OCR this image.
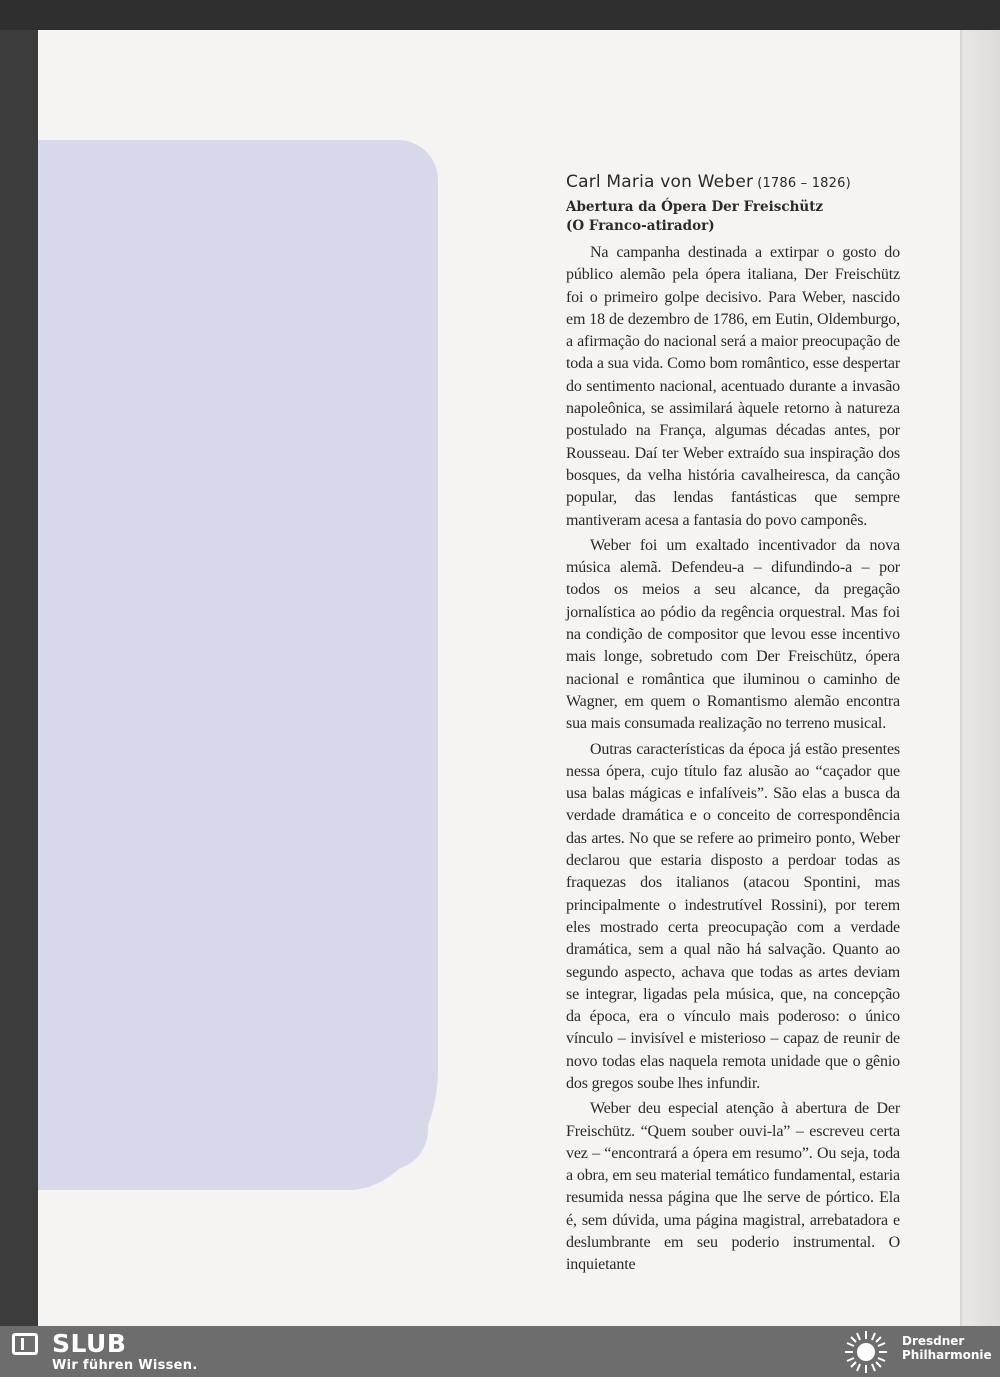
Carl Maria von Weber (1786 – 1826)
Abertura da Ópera Der Freischütz
(O Franco-atirador)

Na campanha destinada a extirpar o gosto do público alemão pela ópera italiana, Der Freischütz foi o primeiro golpe decisivo. Para Weber, nascido em 18 de dezembro de 1786, em Eutin, Oldemburgo, a afirmação do nacional será a maior preocupação de toda a sua vida. Como bom romântico, esse despertar do sentimento nacional, acentuado durante a invasão napoleônica, se assimilará àquele retorno à natureza postulado na França, algumas décadas antes, por Rousseau. Daí ter Weber extraído sua inspiração dos bosques, da velha história cavalheiresca, da canção popular, das lendas fantásticas que sempre mantiveram acesa a fantasia do povo camponês.

Weber foi um exaltado incentivador da nova música alemã. Defendeu-a – difundindo-a – por todos os meios a seu alcance, da pregação jornalística ao pódio da regência orquestral. Mas foi na condição de compositor que levou esse incentivo mais longe, sobretudo com Der Freischütz, ópera nacional e romântica que iluminou o caminho de Wagner, em quem o Romantismo alemão encontra sua mais consumada realização no terreno musical.

Outras características da época já estão presentes nessa ópera, cujo título faz alusão ao “caçador que usa balas mágicas e infalíveis”. São elas a busca da verdade dramática e o conceito de correspondência das artes. No que se refere ao primeiro ponto, Weber declarou que estaria disposto a perdoar todas as fraquezas dos italianos (atacou Spontini, mas principalmente o indestrutível Rossini), por terem eles mostrado certa preocupação com a verdade dramática, sem a qual não há salvação. Quanto ao segundo aspecto, achava que todas as artes deviam se integrar, ligadas pela música, que, na concepção da época, era o vínculo mais poderoso: o único vínculo – invisível e misterioso – capaz de reunir de novo todas elas naquela remota unidade que o gênio dos gregos soube lhes infundir.

Weber deu especial atenção à abertura de Der Freischütz. “Quem souber ouvi-la” – escreveu certa vez – “encontrará a ópera em resumo”. Ou seja, toda a obra, em seu material temático fundamental, estaria resumida nessa página que lhe serve de pórtico. Ela é, sem dúvida, uma página magistral, arrebatadora e deslumbrante em seu poderio instrumental. O inquietante

SLUB
Wir führen Wissen.
Dresdner
Philharmonie
